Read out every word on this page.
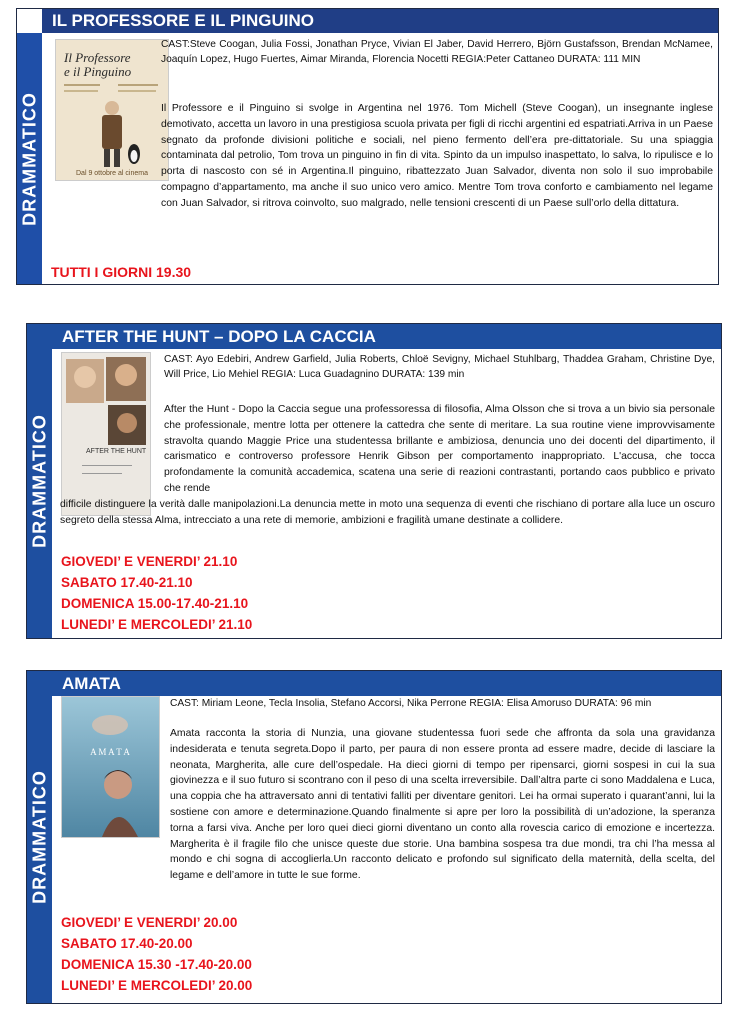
IL PROFESSORE E IL PINGUINO
DRAMMATICO
Il Professore
e il Pinguino
Dal 9 ottobre al cinema
CAST:Steve Coogan, Julia Fossi, Jonathan Pryce, Vivian El Jaber, David Herrero, Björn Gustafsson, Brendan McNamee, Joaquín Lopez, Hugo Fuertes, Aimar Miranda, Florencia Nocetti REGIA:Peter Cattaneo DURATA: 111 MIN
Il Professore e il Pinguino si svolge in Argentina nel 1976. Tom Michell (Steve Coogan), un insegnante inglese demotivato, accetta un lavoro in una prestigiosa scuola privata per figli di ricchi argentini ed espatriati.Arriva in un Paese segnato da profonde divisioni politiche e sociali, nel pieno fermento dell’era pre-dittatoriale. Su una spiaggia contaminata dal petrolio, Tom trova un pinguino in fin di vita. Spinto da un impulso inaspettato, lo salva, lo ripulisce e lo porta di nascosto con sé in Argentina.Il pinguino, ribattezzato Juan Salvador, diventa non solo il suo improbabile compagno d’appartamento, ma anche il suo unico vero amico. Mentre Tom trova conforto e cambiamento nel legame con Juan Salvador, si ritrova coinvolto, suo malgrado, nelle tensioni crescenti di un Paese sull’orlo della dittatura.
TUTTI I GIORNI 19.30
AFTER THE HUNT – DOPO LA CACCIA
DRAMMATICO	AFTER THE HUNT
CAST: Ayo Edebiri, Andrew Garfield, Julia Roberts, Chloë Sevigny, Michael Stuhlbarg, Thaddea Graham, Christine Dye, Will Price, Lio Mehiel REGIA: Luca Guadagnino DURATA: 139 min
After the Hunt - Dopo la Caccia segue una professoressa di filosofia, Alma Olsson che si trova a un bivio sia personale che professionale, mentre lotta per ottenere la cattedra che sente di meritare. La sua routine viene improvvisamente stravolta quando Maggie Price una studentessa brillante e ambiziosa, denuncia uno dei docenti del dipartimento, il carismatico e controverso professore Henrik Gibson per comportamento inappropriato. L'accusa, che tocca profondamente la comunità accademica, scatena una serie di reazioni contrastanti, portando caos pubblico e privato che rende
difficile distinguere la verità dalle manipolazioni.La denuncia mette in moto una sequenza di eventi che rischiano di portare alla luce un oscuro segreto della stessa Alma, intrecciato a una rete di memorie, ambizioni e fragilità umane destinate a collidere.
GIOVEDI’ E VENERDI’ 21.10
SABATO 17.40-21.10
DOMENICA 15.00-17.40-21.10
LUNEDI’ E MERCOLEDI’ 21.10
AMATA
DRAMMATICO
A M A T A
CAST: Miriam Leone, Tecla Insolia, Stefano Accorsi, Nika Perrone REGIA: Elisa Amoruso DURATA: 96 min
Amata racconta la storia di Nunzia, una giovane studentessa fuori sede che affronta da sola una gravidanza indesiderata e tenuta segreta.Dopo il parto, per paura di non essere pronta ad essere madre, decide di lasciare la neonata, Margherita, alle cure dell’ospedale. Ha dieci giorni di tempo per ripensarci, giorni sospesi in cui la sua giovinezza e il suo futuro si scontrano con il peso di una scelta irreversibile. Dall’altra parte ci sono Maddalena e Luca, una coppia che ha attraversato anni di tentativi falliti per diventare genitori. Lei ha ormai superato i quarant’anni, lui la sostiene con amore e determinazione.Quando finalmente si apre per loro la possibilità di un’adozione, la speranza torna a farsi viva. Anche per loro quei dieci giorni diventano un conto alla rovescia carico di emozione e incertezza. Margherita è il fragile filo che unisce queste due storie. Una bambina sospesa tra due mondi, tra chi l’ha messa al mondo e chi sogna di accoglierla.Un racconto delicato e profondo sul significato della maternità, della scelta, del legame e dell’amore in tutte le sue forme.
GIOVEDI’ E VENERDI’ 20.00
SABATO 17.40-20.00
DOMENICA 15.30 -17.40-20.00
LUNEDI’ E MERCOLEDI’ 20.00
